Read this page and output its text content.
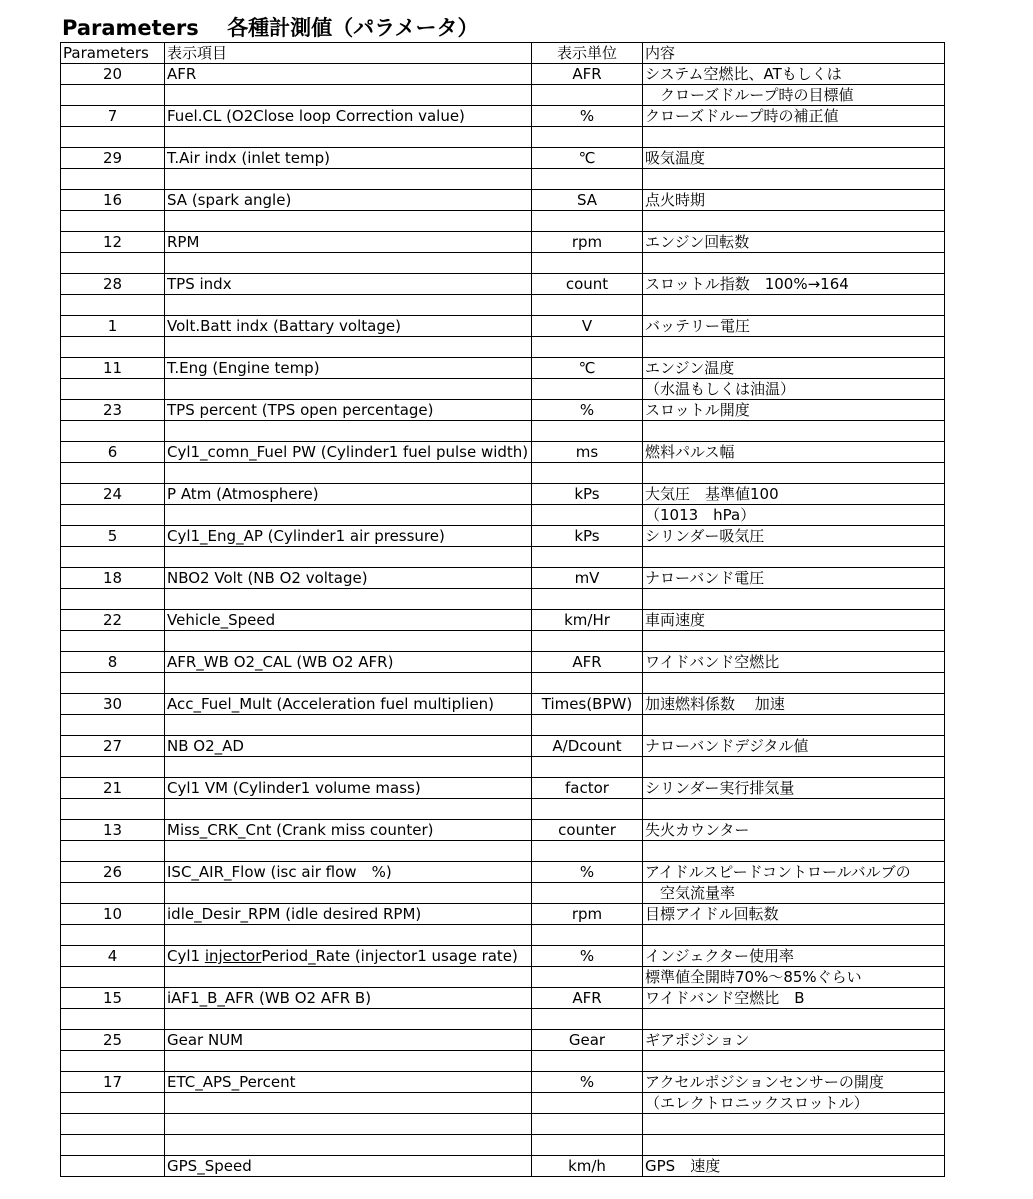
Parameters　 各種計測値（パラメータ）
Parameters	表示項目	表示単位	内容
20	AFR	AFR	システム空燃比、ATもしくは
			　クローズドループ時の目標値
7	Fuel.CL (O2Close loop Correction value)	%	クローズドループ時の補正値

29	T.Air indx (inlet temp)	℃	吸気温度

16	SA (spark angle)	SA	点火時期

12	RPM	rpm	エンジン回転数

28	TPS indx	count	スロットル指数　100%→164

1	Volt.Batt indx (Battary voltage)	V	バッテリー電圧

11	T.Eng (Engine temp)	℃	エンジン温度
			（水温もしくは油温）
23	TPS percent (TPS open percentage)	%	スロットル開度

6	Cyl1_comn_Fuel PW (Cylinder1 fuel pulse width)	ms	燃料パルス幅

24	P Atm (Atmosphere)	kPs	大気圧　基準値100
			（1013　hPa）
5	Cyl1_Eng_AP (Cylinder1 air pressure)	kPs	シリンダー吸気圧

18	NBO2 Volt (NB O2 voltage)	mV	ナローバンド電圧

22	Vehicle_Speed	km/Hr	車両速度

8	AFR_WB O2_CAL (WB O2 AFR)	AFR	ワイドバンド空燃比

30	Acc_Fuel_Mult (Acceleration fuel multiplien)	Times(BPW)	加速燃料係数　 加速

27	NB O2_AD	A/Dcount	ナローバンドデジタル値

21	Cyl1 VM (Cylinder1 volume mass)	factor	シリンダー実行排気量

13	Miss_CRK_Cnt (Crank miss counter)	counter	失火カウンター

26	ISC_AIR_Flow (isc air flow　%)	%	アイドルスピードコントロールバルブの
			　空気流量率
10	idle_Desir_RPM (idle desired RPM)	rpm	目標アイドル回転数

4	Cyl1 injectorPeriod_Rate (injector1 usage rate)	%	インジェクター使用率
			標準値全開時70%～85%ぐらい
15	iAF1_B_AFR (WB O2 AFR B)	AFR	ワイドバンド空燃比　B

25	Gear NUM	Gear	ギアポジション

17	ETC_APS_Percent	%	アクセルポジションセンサーの開度
			（エレクトロニックスロットル）

	GPS_Speed	km/h	GPS　速度
